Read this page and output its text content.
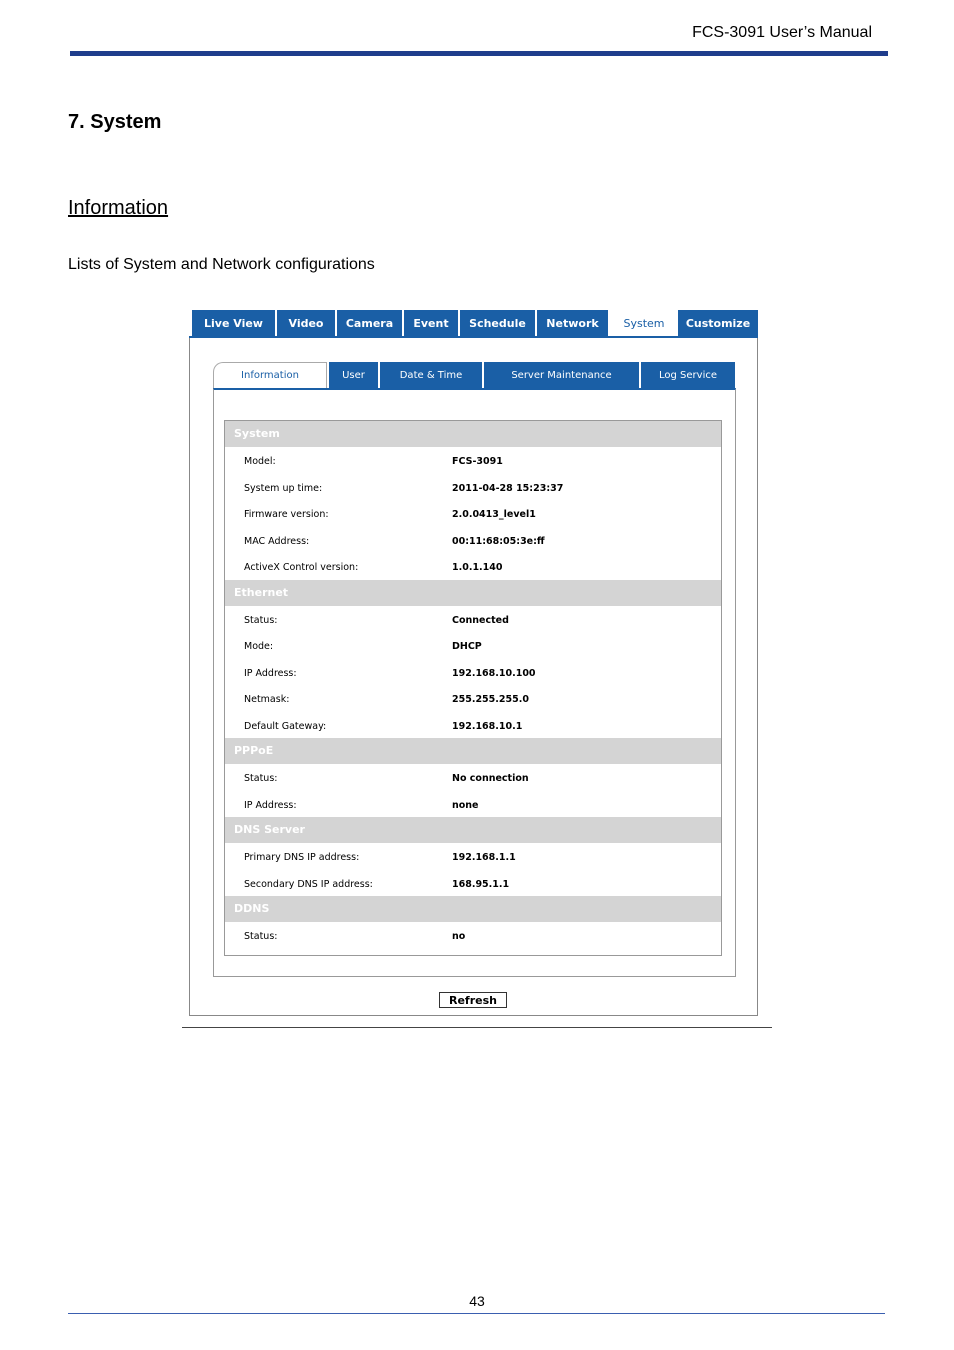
FCS-3091 User’s Manual
7. System
Information
Lists of System and Network configurations
Live View	Video	Camera	Event	Schedule	Network	System	Customize
Information	User	Date & Time	Server Maintenance	Log Service
System
Model:	FCS-3091
System up time:	2011-04-28 15:23:37
Firmware version:	2.0.0413_level1
MAC Address:	00:11:68:05:3e:ff
ActiveX Control version:	1.0.1.140
Ethernet
Status:	Connected
Mode:	DHCP
IP Address:	192.168.10.100
Netmask:	255.255.255.0
Default Gateway:	192.168.10.1
PPPoE
Status:	No connection
IP Address:	none
DNS Server
Primary DNS IP address:	192.168.1.1
Secondary DNS IP address:	168.95.1.1
DDNS
Status:	no
Refresh
43
